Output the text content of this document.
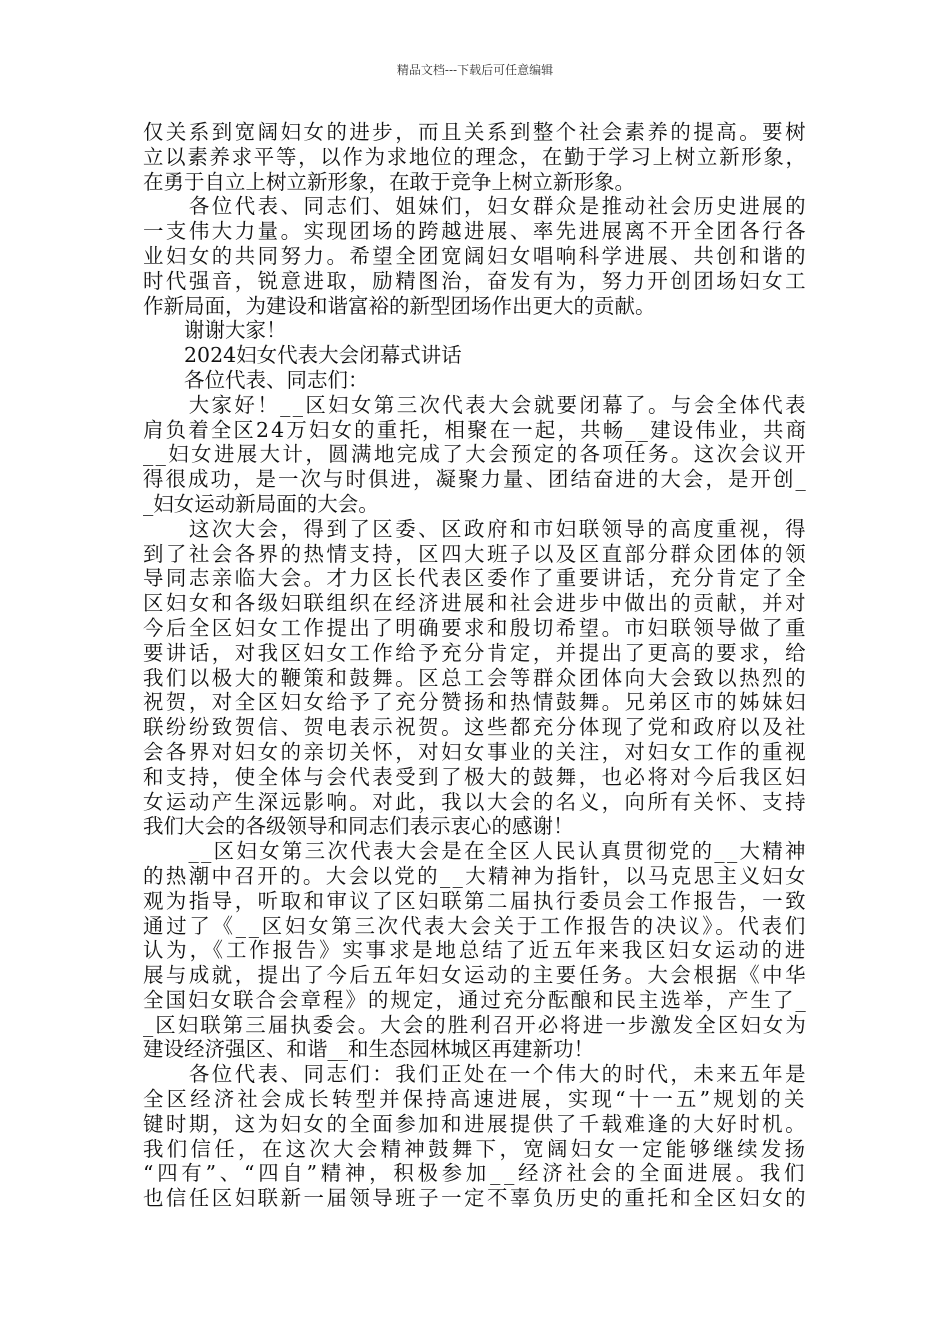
精品文档---下载后可任意编辑
仅关系到宽阔妇女的进步，而且关系到整个社会素养的提高。要树
立以素养求平等，以作为求地位的理念，在勤于学习上树立新形象，
在勇于自立上树立新形象，在敢于竞争上树立新形象。
　　各位代表、同志们、姐妹们，妇女群众是推动社会历史进展的
一支伟大力量。实现团场的跨越进展、率先进展离不开全团各行各
业妇女的共同努力。希望全团宽阔妇女唱响科学进展、共创和谐的
时代强音，锐意进取，励精图治，奋发有为，努力开创团场妇女工
作新局面，为建设和谐富裕的新型团场作出更大的贡献。
　　谢谢大家！
　　2024妇女代表大会闭幕式讲话
　　各位代表、同志们：
　　大家好！__区妇女第三次代表大会就要闭幕了。与会全体代表
肩负着全区24万妇女的重托，相聚在一起，共畅__建设伟业，共商
__妇女进展大计，圆满地完成了大会预定的各项任务。这次会议开
得很成功，是一次与时俱进，凝聚力量、团结奋进的大会，是开创_
_妇女运动新局面的大会。
　　这次大会，得到了区委、区政府和市妇联领导的高度重视，得
到了社会各界的热情支持，区四大班子以及区直部分群众团体的领
导同志亲临大会。才力区长代表区委作了重要讲话，充分肯定了全
区妇女和各级妇联组织在经济进展和社会进步中做出的贡献，并对
今后全区妇女工作提出了明确要求和殷切希望。市妇联领导做了重
要讲话，对我区妇女工作给予充分肯定，并提出了更高的要求，给
我们以极大的鞭策和鼓舞。区总工会等群众团体向大会致以热烈的
祝贺，对全区妇女给予了充分赞扬和热情鼓舞。兄弟区市的姊妹妇
联纷纷致贺信、贺电表示祝贺。这些都充分体现了党和政府以及社
会各界对妇女的亲切关怀，对妇女事业的关注，对妇女工作的重视
和支持，使全体与会代表受到了极大的鼓舞，也必将对今后我区妇
女运动产生深远影响。对此，我以大会的名义，向所有关怀、支持
我们大会的各级领导和同志们表示衷心的感谢！
　　__区妇女第三次代表大会是在全区人民认真贯彻党的__大精神
的热潮中召开的。大会以党的__大精神为指针，以马克思主义妇女
观为指导，听取和审议了区妇联第二届执行委员会工作报告，一致
通过了《__区妇女第三次代表大会关于工作报告的决议》。代表们
认为，《工作报告》实事求是地总结了近五年来我区妇女运动的进
展与成就，提出了今后五年妇女运动的主要任务。大会根据《中华
全国妇女联合会章程》的规定，通过充分酝酿和民主选举，产生了_
_区妇联第三届执委会。大会的胜利召开必将进一步激发全区妇女为
建设经济强区、和谐__和生态园林城区再建新功！
　　各位代表、同志们：我们正处在一个伟大的时代，未来五年是
全区经济社会成长转型并保持高速进展，实现“十一五”规划的关
键时期，这为妇女的全面参加和进展提供了千载难逢的大好时机。
我们信任，在这次大会精神鼓舞下，宽阔妇女一定能够继续发扬
“四有”、“四自”精神，积极参加__经济社会的全面进展。我们
也信任区妇联新一届领导班子一定不辜负历史的重托和全区妇女的
